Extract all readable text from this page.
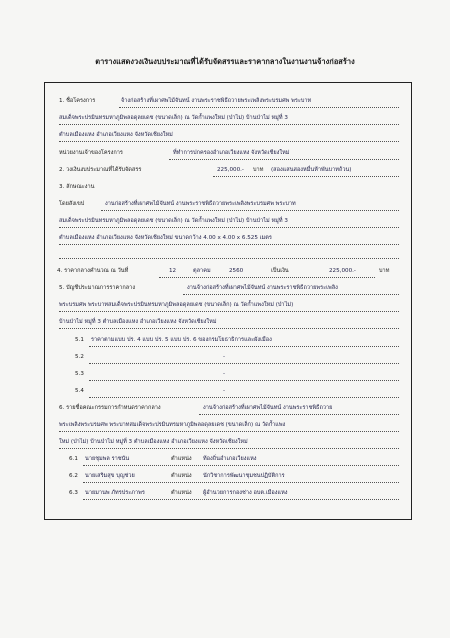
ตารางแสดงวงเงินงบประมาณที่ได้รับจัดสรรและราคากลางในงานงานจ้างก่อสร้าง
1. ชื่อโครงการ	จ้างก่อสร้างที่เผาศพไม้จันทน์ งานพระราชพิธีถวายพระเพลิงพระบรมศพ พระบาท
สมเด็จพระปรมินทรมหาภูมิพลอดุลยเดช (ขนาดเล็ก) ณ วัดก้ำแพงใหม่ (ป่าไม่) บ้านป่าไม่ หมู่ที่ 3
ตำบลเมืองแหง อำเภอเวียงแหง จังหวัดเชียงใหม่
หน่วยงานเจ้าของโครงการ	ที่ทำการปกครองอำเภอเวียงแหง จังหวัดเชียงใหม่
2. วงเงินงบประมาณที่ได้รับจัดสรร	225,000.- บาท (สองแสนสองหมื่นห้าพันบาทถ้วน)
3. ลักษณะงาน
โดยสังเขป	งานก่อสร้างที่เผาศพไม้จันทน์ งานพระราชพิธีถวายพระเพลิงพระบรมศพ พระบาท
สมเด็จพระปรมินทรมหาภูมิพลอดุลยเดช (ขนาดเล็ก) ณ วัดก้ำแพงใหม่ (ป่าไม่) บ้านป่าไม่ หมู่ที่ 3
ตำบลเมืองแหง อำเภอเวียงแหง จังหวัดเชียงใหม่ ขนาดกว้าง 4.00 x 4.00 x 6.525 เมตร
4. ราคากลางคำนวณ ณ วันที่	12	ตุลาคม	2560	เป็นเงิน	225,000.-	บาท
5. บัญชีประมาณการราคากลาง	งานจ้างก่อสร้างที่เผาศพไม้จันทน์ งานพระราชพิธีถวายพระเพลิง
พระบรมศพ พระบาทสมเด็จพระปรมินทรมหาภูมิพลอดุลยเดช (ขนาดเล็ก) ณ วัดก้ำแพงใหม่ (ป่าไม่)
บ้านป่าไม่ หมู่ที่ 3 ตำบลเมืองแหง อำเภอเวียงแหง จังหวัดเชียงใหม่
5.1 ราคาตามแบบ ปร. 4 แบบ ปร. 5 แบบ ปร. 6 ของกรมโยธาธิการและผังเมือง
5.2	-
5.3	-
5.4	-
6. รายชื่อคณะกรรมการกำหนดราคากลาง	งานจ้างก่อสร้างที่เผาศพไม้จันทน์ งานพระราชพิธีถวาย
พระเพลิงพระบรมศพ พระบาทสมเด็จพระปรมินทรมหาภูมิพลอดุลยเดช (ขนาดเล็ก) ณ วัดก้ำแพง
ใหม่ (ป่าไม่) บ้านป่าไม่ หมู่ที่ 3 ตำบลเมืองแหง อำเภอเวียงแหง จังหวัดเชียงใหม่
6.1 นายชุมพล ราชนัน	ตำแหน่ง ท้องถิ่นอำเภอเวียงแหง
6.2 นายเสริมสุข บุญช่วย	ตำแหน่ง นักวิชาการพัฒนาชุมชนปฏิบัติการ
6.3 นายมานพ ภัทรประภาพร	ตำแหน่ง ผู้อำนวยการกองช่าง อบต.เมืองแหง
